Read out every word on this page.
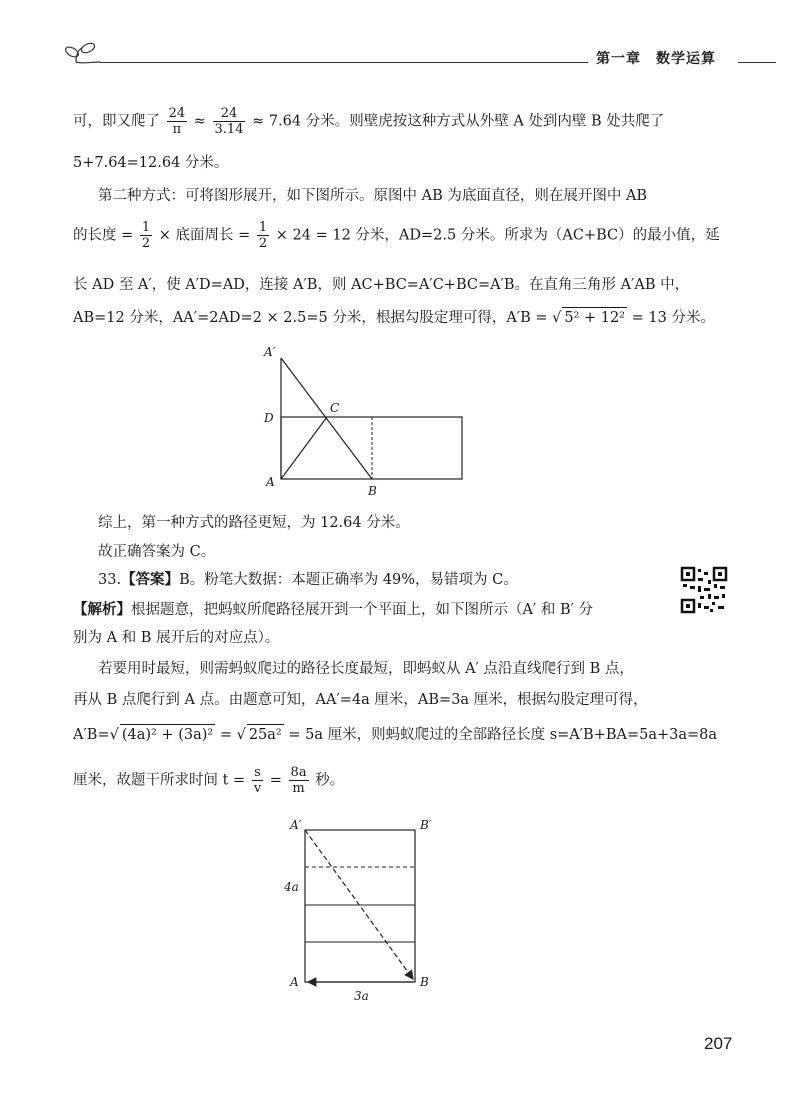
第一章　数学运算
可，即又爬了 $\frac{24}{\pi} \approx \frac{24}{3.14} \approx 7.64$ 分米。则壁虎按这种方式从外壁 A 处到内壁 B 处共爬了
5+7.64=12.64 分米。
第二种方式：可将图形展开，如下图所示。原图中 AB 为底面直径，则在展开图中 AB
的长度 = $\frac{1}{2}$ × 底面周长 = $\frac{1}{2} \times 24 = 12$ 分米，AD=2.5 分米。所求为（AC+BC）的最小值，延
长 AD 至 A′，使 A′D=AD，连接 A′B，则 AC+BC=A′C+BC=A′B。在直角三角形 A′AB 中，
AB=12 分米，AA′=2AD=2 × 2.5=5 分米，根据勾股定理可得，A′B = √ 5² + 12² = 13 分米。
A′
D
C
A
B
综上，第一种方式的路径更短，为 12.64 分米。
故正确答案为 C。
33.【答案】B。粉笔大数据：本题正确率为 49%，易错项为 C。
【解析】根据题意，把蚂蚁所爬路径展开到一个平面上，如下图所示（A′ 和 B′ 分
别为 A 和 B 展开后的对应点）。
若要用时最短，则需蚂蚁爬过的路径长度最短，即蚂蚁从 A′ 点沿直线爬行到 B 点，
再从 B 点爬行到 A 点。由题意可知，AA′=4a 厘米，AB=3a 厘米，根据勾股定理可得，
A′B=√ (4a)² + (3a)² = √ 25a² = 5a 厘米，则蚂蚁爬过的全部路径长度 s=A′B+BA=5a+3a=8a
厘米，故题干所求时间 $t = \frac{s}{v} = \frac{8a}{m}$ 秒。
A′	B′
4a
A	B
3a
207
